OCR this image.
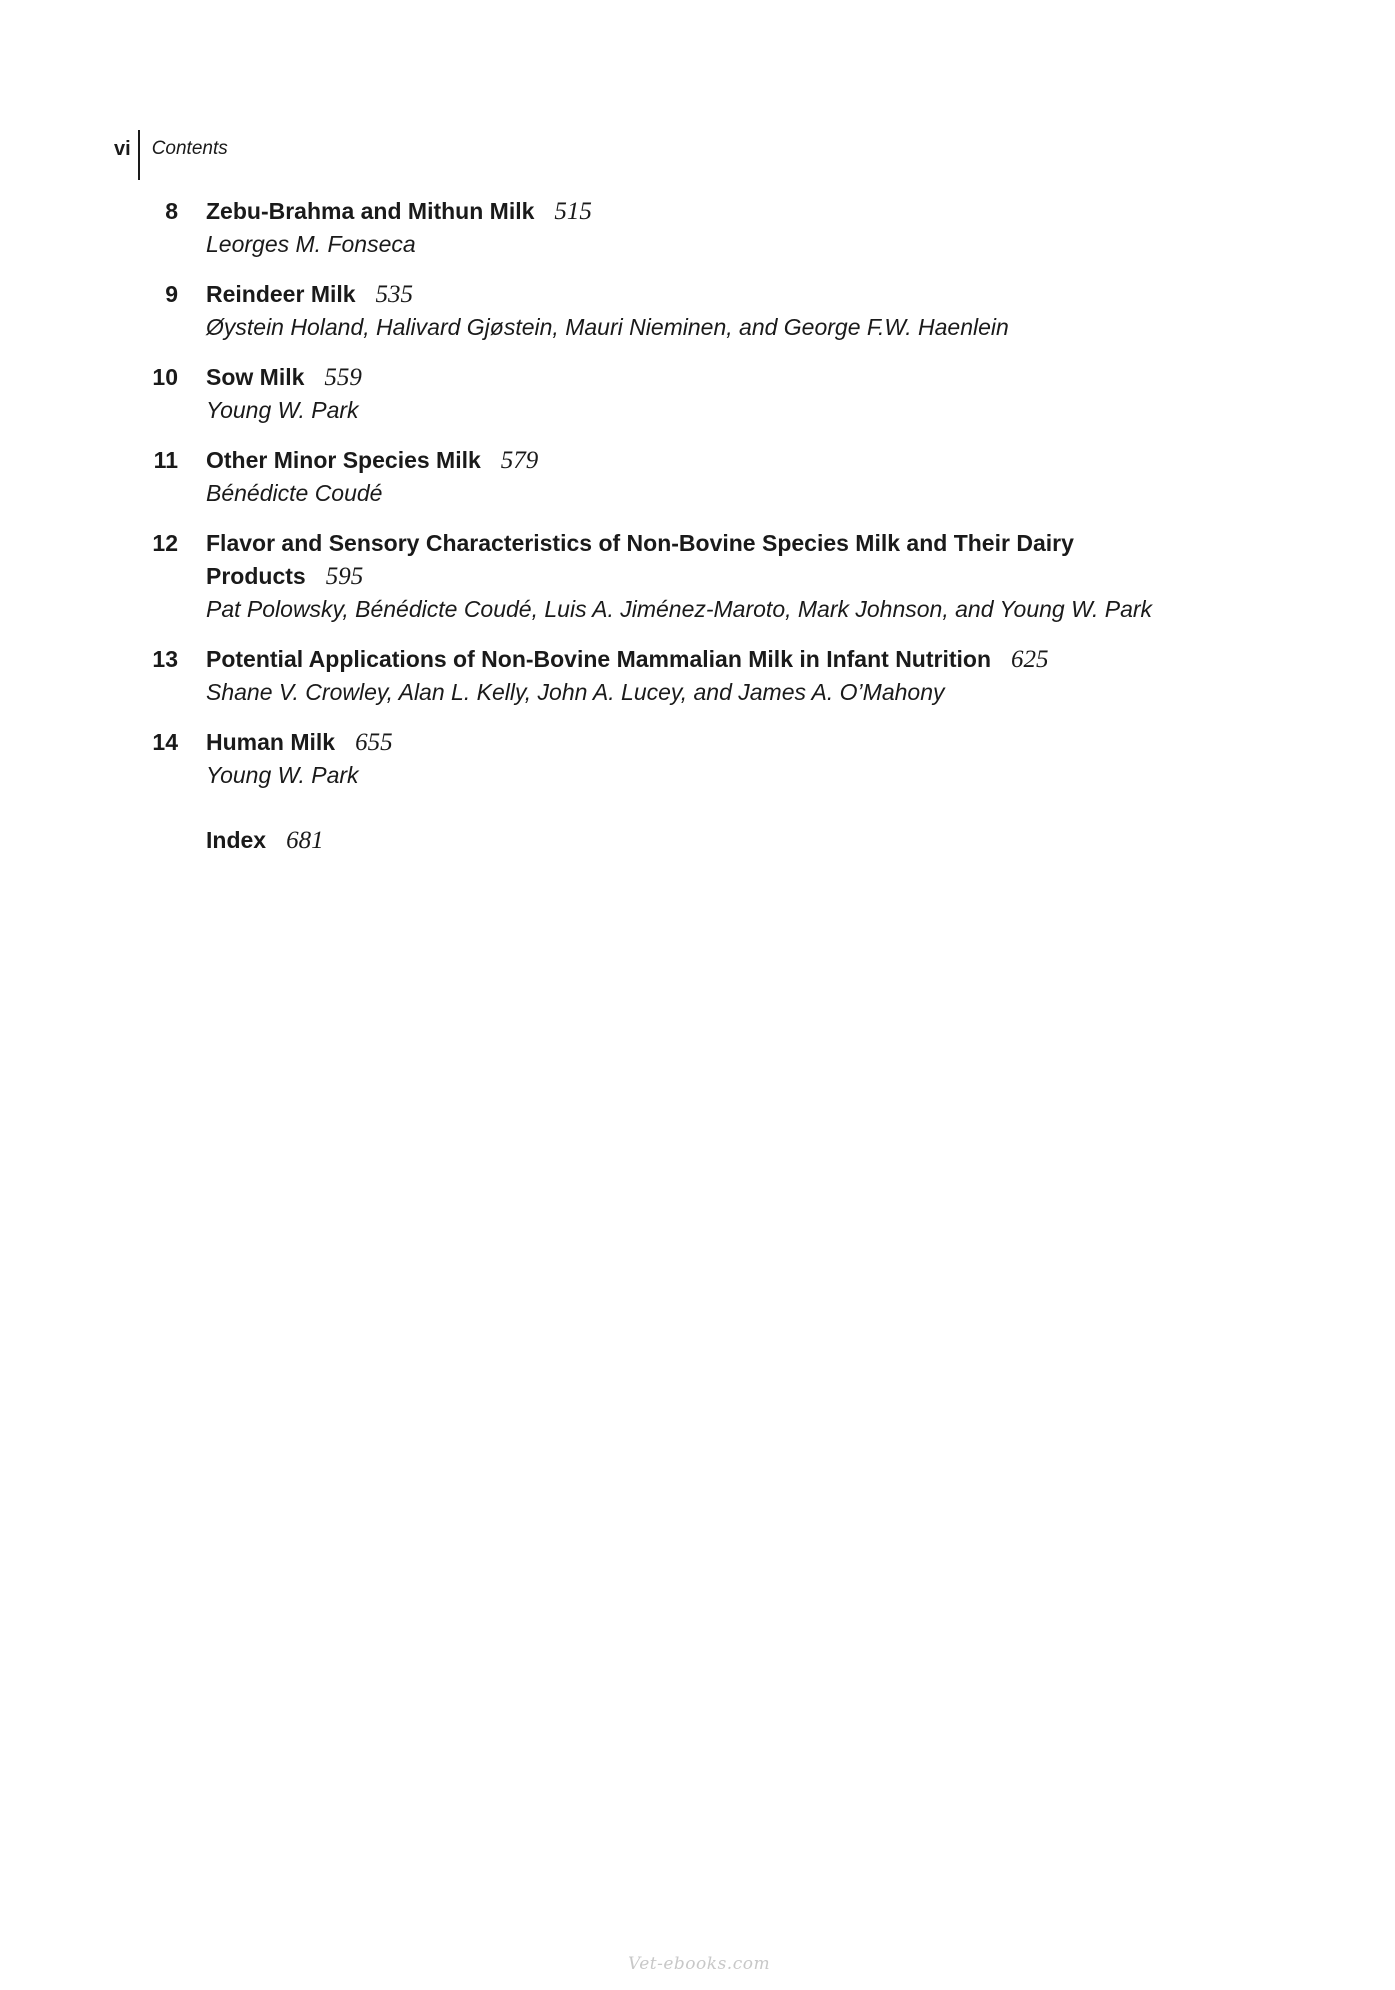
vi	Contents
8 Zebu-Brahma and Mithun Milk 515
Leorges M. Fonseca
9 Reindeer Milk 535
Øystein Holand, Halivard Gjøstein, Mauri Nieminen, and George F.W. Haenlein
10 Sow Milk 559
Young W. Park
11 Other Minor Species Milk 579
Bénédicte Coudé
12 Flavor and Sensory Characteristics of Non-Bovine Species Milk and Their Dairy
Products 595
Pat Polowsky, Bénédicte Coudé, Luis A. Jiménez-Maroto, Mark Johnson, and Young W. Park
13 Potential Applications of Non-Bovine Mammalian Milk in Infant Nutrition 625
Shane V. Crowley, Alan L. Kelly, John A. Lucey, and James A. O’Mahony
14 Human Milk 655
Young W. Park
Index 681
Vet-ebooks.com
